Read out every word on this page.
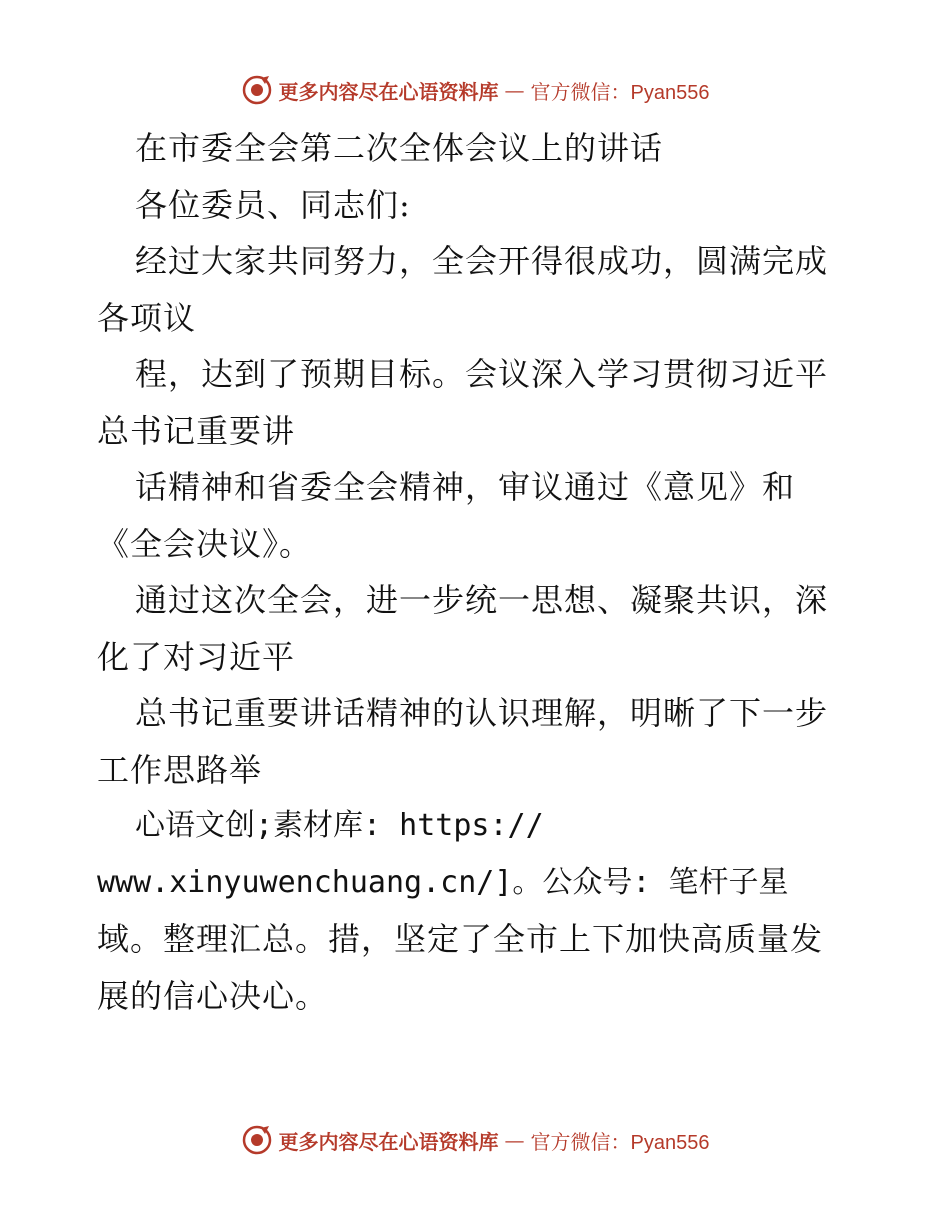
更多内容尽在心语资料库 — 官方微信：Pyan556
在市委全会第二次全体会议上的讲话
各位委员、同志们:
经过大家共同努力，全会开得很成功，圆满完成
各项议
程，达到了预期目标。会议深入学习贯彻习近平
总书记重要讲
话精神和省委全会精神，审议通过《意见》和
《全会决议》。
通过这次全会，进一步统一思想、凝聚共识，深
化了对习近平
总书记重要讲话精神的认识理解，明晰了下一步
工作思路举
心语文创;素材库: https://
www.xinyuwenchuang.cn/]。公众号: 笔杆子星
域。整理汇总。措，坚定了全市上下加快高质量发
展的信心决心。
更多内容尽在心语资料库 — 官方微信：Pyan556
